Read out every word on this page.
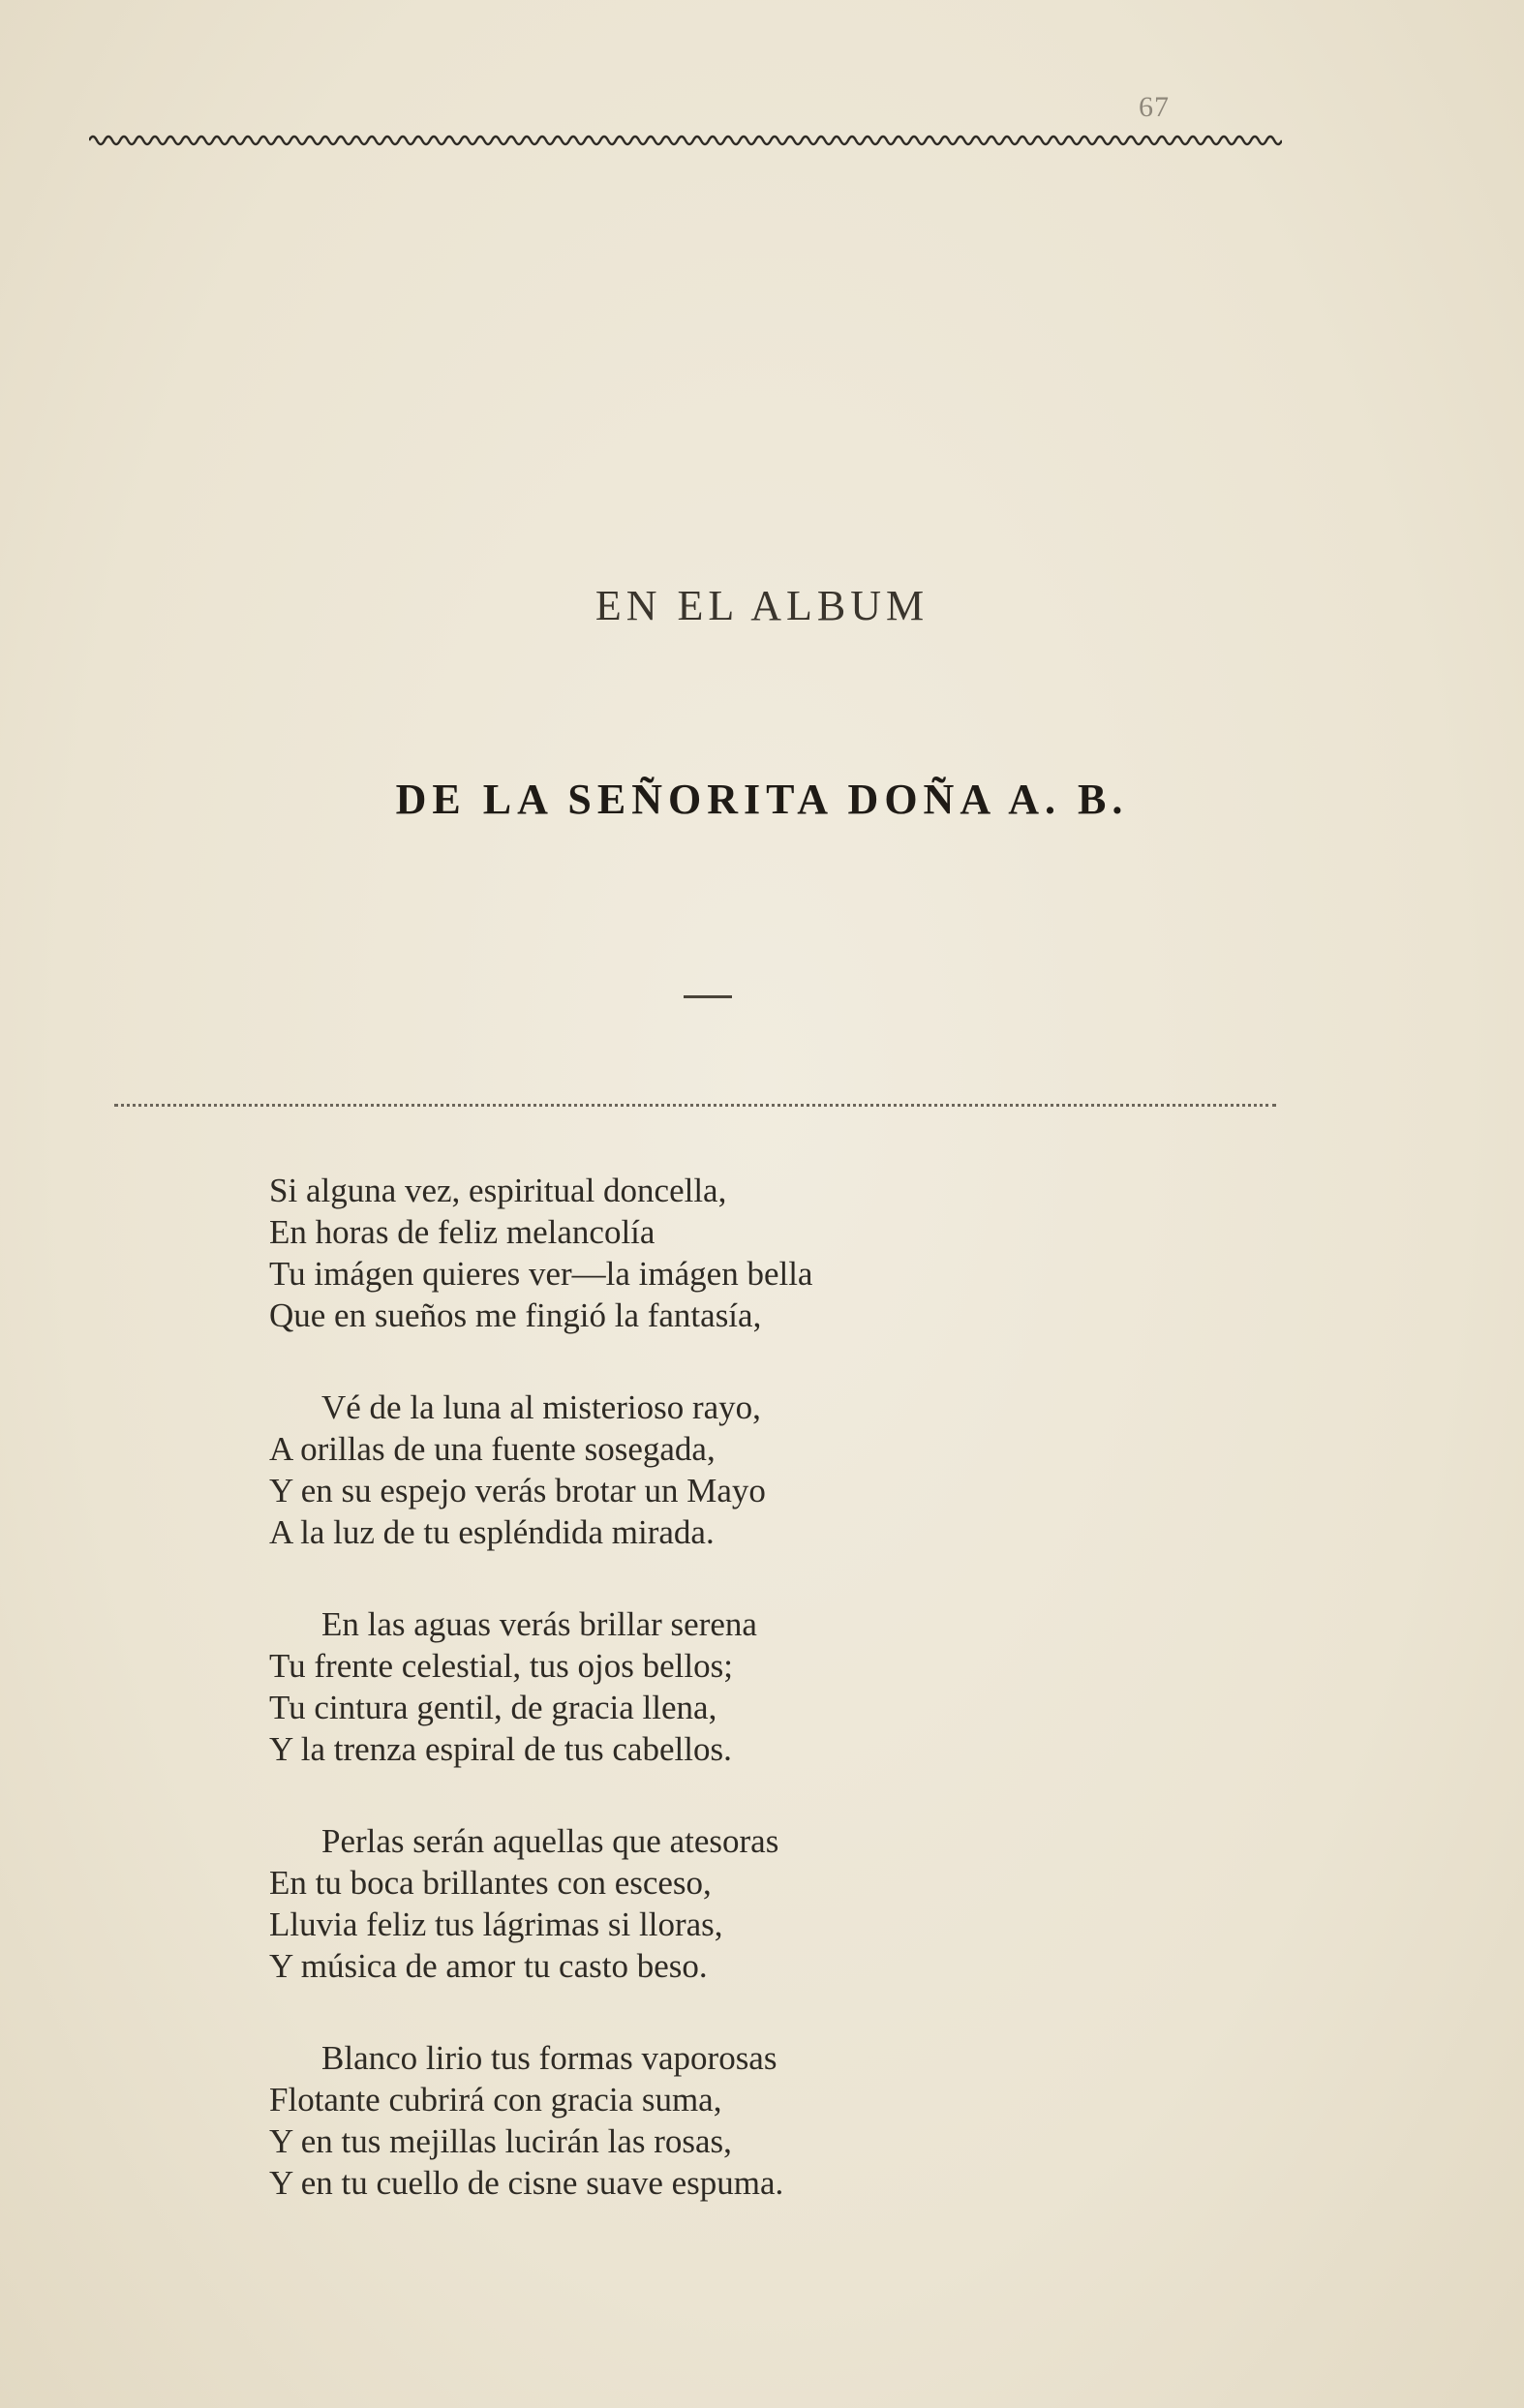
67
EN EL ALBUM
DE LA SEÑORITA DOÑA A. B.
Si alguna vez, espiritual doncella,
En horas de feliz melancolía
Tu imágen quieres ver—la imágen bella
Que en sueños me fingió la fantasía,
Vé de la luna al misterioso rayo,
A orillas de una fuente sosegada,
Y en su espejo verás brotar un Mayo
A la luz de tu espléndida mirada.
En las aguas verás brillar serena
Tu frente celestial, tus ojos bellos;
Tu cintura gentil, de gracia llena,
Y la trenza espiral de tus cabellos.
Perlas serán aquellas que atesoras
En tu boca brillantes con esceso,
Lluvia feliz tus lágrimas si lloras,
Y música de amor tu casto beso.
Blanco lirio tus formas vaporosas
Flotante cubrirá con gracia suma,
Y en tus mejillas lucirán las rosas,
Y en tu cuello de cisne suave espuma.
